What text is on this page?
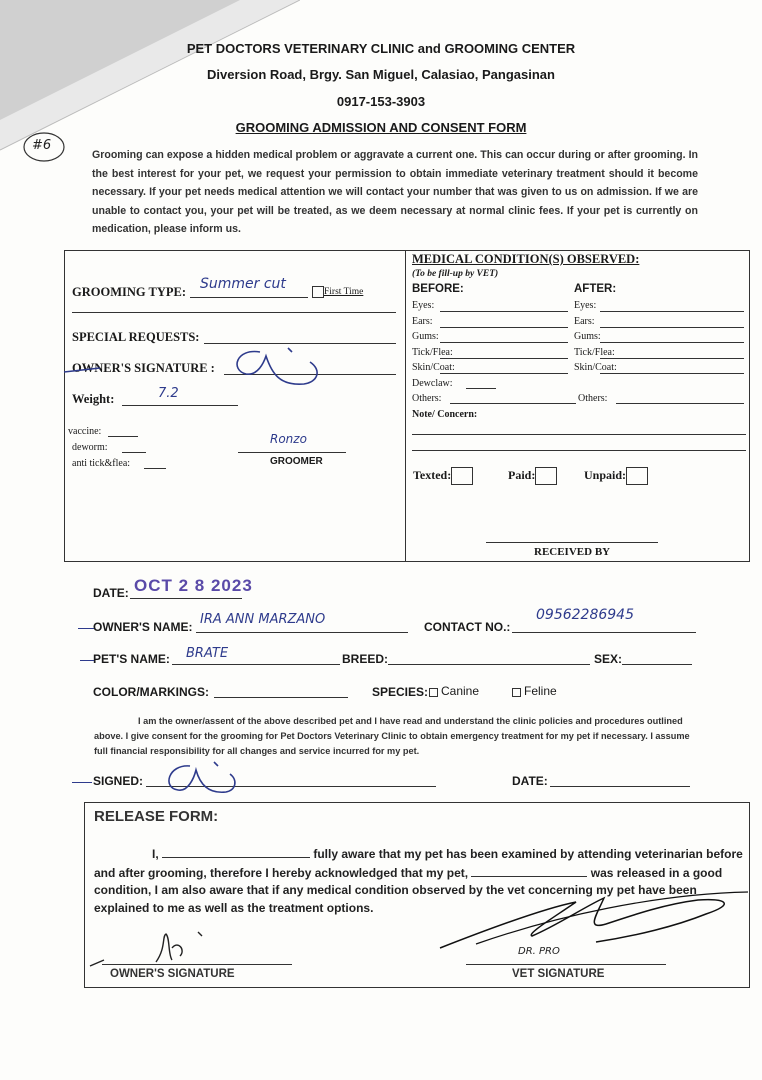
PET DOCTORS VETERINARY CLINIC and GROOMING CENTER
Diversion Road, Brgy. San Miguel, Calasiao, Pangasinan
0917-153-3903
GROOMING ADMISSION AND CONSENT FORM
#6
Grooming can expose a hidden medical problem or aggravate a current one. This can occur during or after grooming. In the best interest for your pet, we request your permission to obtain immediate veterinary treatment should it become necessary. If your pet needs medical attention we will contact your number that was given to us on admission. If we are unable to contact you, your pet will be treated, as we deem necessary at normal clinic fees. If your pet is currently on medication, please inform us.
GROOMING TYPE: Summer cut	First Time
SPECIAL REQUESTS:
OWNER'S SIGNATURE :
Weight:	7.2
vaccine:
deworm:
anti tick&flea:
Ronzo
GROOMER
MEDICAL CONDITION(S) OBSERVED:
(To be fill-up by VET)
BEFORE:	AFTER:
Eyes:	Eyes:
Ears:	Ears:
Gums:	Gums:
Tick/Flea:	Tick/Flea:
Skin/Coat:	Skin/Coat:
Dewclaw:
Others:	Others:
Note/ Concern:
Texted:	Paid:	Unpaid:
RECEIVED BY
DATE: OCT 2 8 2023
OWNER'S NAME: IRA ANN MARZANO	CONTACT NO.:
09562286945
PET'S NAME: BRATE	BREED:	SEX:
COLOR/MARKINGS:	SPECIES: Canine	Feline
I am the owner/assent of the above described pet and I have read and understand the clinic policies and procedures outlined above. I give consent for the grooming for Pet Doctors Veterinary Clinic to obtain emergency treatment for my pet if necessary. I assume full financial responsibility for all changes and service incurred for my pet.
SIGNED:	DATE:
RELEASE FORM:
I,	fully aware that my pet has been examined by attending veterinarian before and after grooming, therefore I hereby acknowledged that my pet,	was released in a good condition, I am also aware that if any medical condition observed by the vet concerning my pet have been explained to me as well as the treatment options.
OWNER'S SIGNATURE
DR. PRO
VET SIGNATURE
